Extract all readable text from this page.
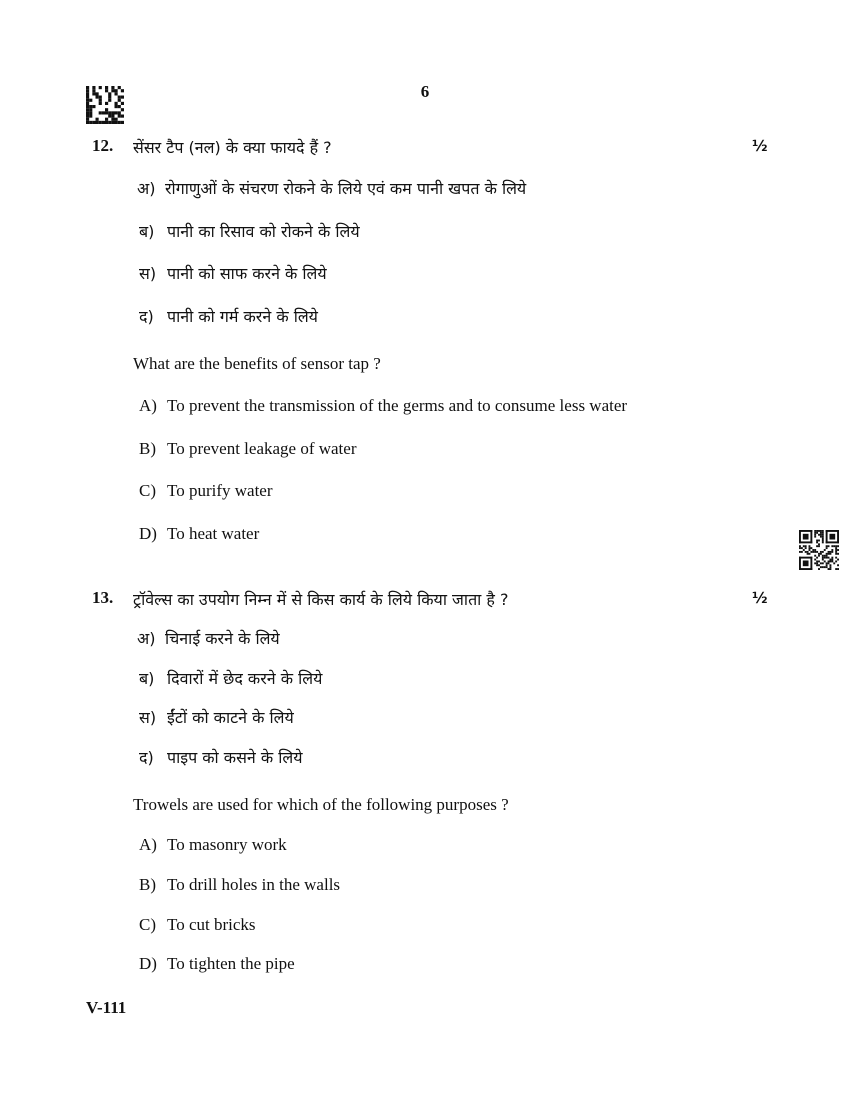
6
12. सेंसर टैप (नल) के क्या फायदे हैं ?	½
अ) रोगाणुओं के संचरण रोकने के लिये एवं कम पानी खपत के लिये
ब) पानी का रिसाव को रोकने के लिये
स) पानी को साफ करने के लिये
द) पानी को गर्म करने के लिये
What are the benefits of sensor tap ?
A) To prevent the transmission of the germs and to consume less water
B) To prevent leakage of water
C) To purify water
D) To heat water
13. ट्रॉवेल्स का उपयोग निम्न में से किस कार्य के लिये किया जाता है ?	½
अ) चिनाई करने के लिये
ब) दिवारों में छेद करने के लिये
स) ईंटों को काटने के लिये
द) पाइप को कसने के लिये
Trowels are used for which of the following purposes ?
A) To masonry work
B) To drill holes in the walls
C) To cut bricks
D) To tighten the pipe
V-111
